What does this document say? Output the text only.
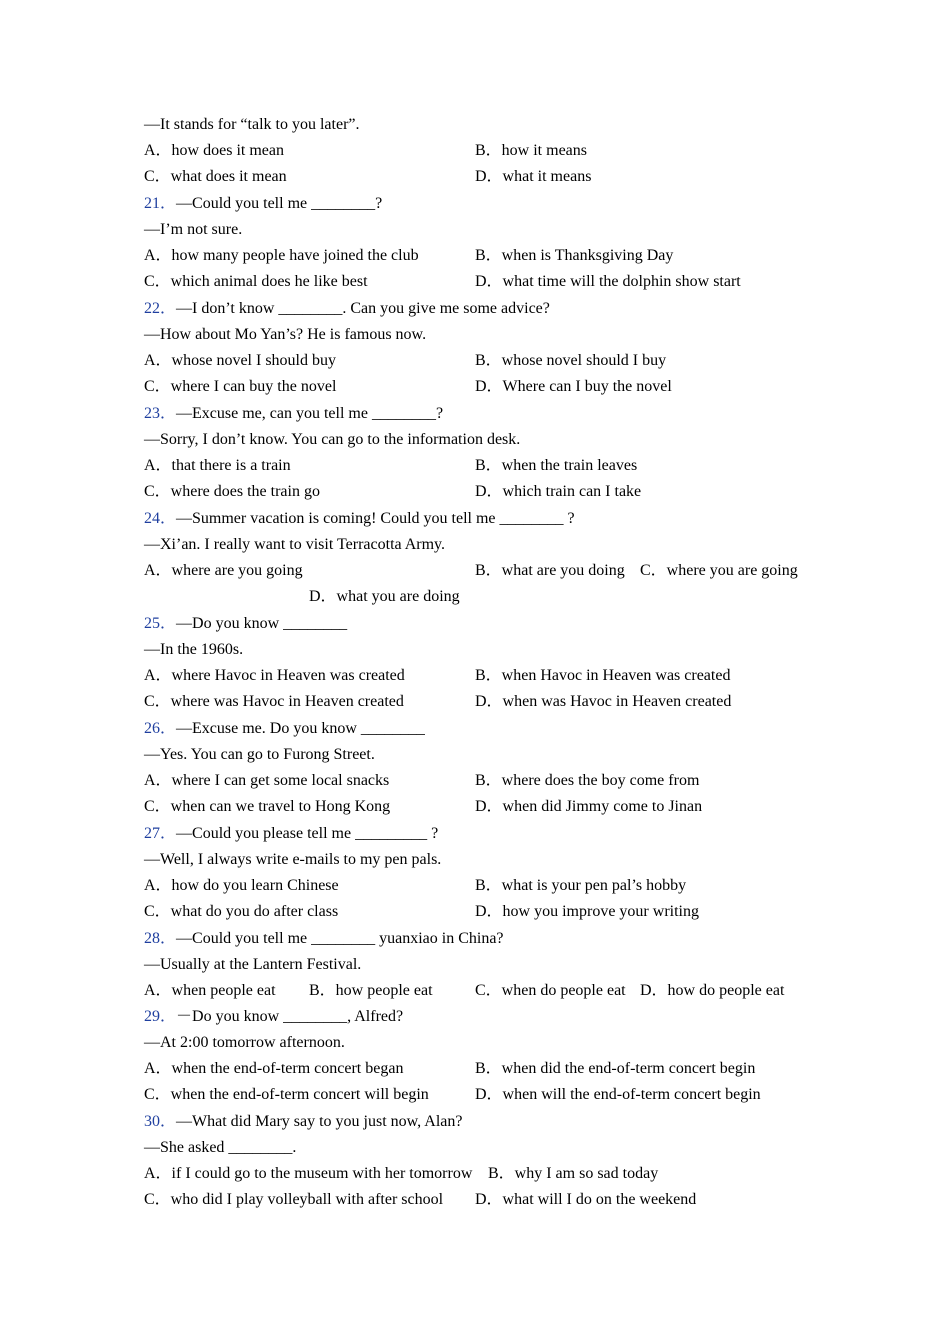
—It stands for “talk to you later”.
A．how does it mean	B．how it means
C．what does it mean	D．what it means
21．—Could you tell me ________?
—I’m not sure.
A．how many people have joined the club	B．when is Thanksgiving Day
C．which animal does he like best	D．what time will the dolphin show start
22．—I don’t know ________. Can you give me some advice?
—How about Mo Yan’s? He is famous now.
A．whose novel I should buy	B．whose novel should I buy
C．where I can buy the novel	D．Where can I buy the novel
23．—Excuse me, can you tell me ________?
—Sorry, I don’t know. You can go to the information desk.
A．that there is a train	B．when the train leaves
C．where does the train go	D．which train can I take
24．—Summer vacation is coming! Could you tell me ________ ?
—Xi’an. I really want to visit Terracotta Army.
A．where are you going	B．what are you doing C．where you are going
D．what you are doing
25．—Do you know ________
—In the 1960s.
A．where Havoc in Heaven was created	B．when Havoc in Heaven was created
C．where was Havoc in Heaven created	D．when was Havoc in Heaven created
26．—Excuse me. Do you know ________
—Yes. You can go to Furong Street.
A．where I can get some local snacks	B．where does the boy come from
C．when can we travel to Hong Kong	D．when did Jimmy come to Jinan
27．—Could you please tell me _________ ?
—Well, I always write e-mails to my pen pals.
A．how do you learn Chinese	B．what is your pen pal’s hobby
C．what do you do after class	D．how you improve your writing
28．—Could you tell me ________ yuanxiao in China?
—Usually at the Lantern Festival.
A．when people eat B．how people eat	C．when do people eat D．how do people eat
29．－Do you know ________, Alfred?
—At 2:00 tomorrow afternoon.
A．when the end-of-term concert began	B．when did the end-of-term concert begin
C．when the end-of-term concert will begin	D．when will the end-of-term concert begin
30．—What did Mary say to you just now, Alan?
—She asked ________.
A．if I could go to the museum with her tomorrow B．why I am so sad today
C．who did I play volleyball with after school D．what will I do on the weekend
